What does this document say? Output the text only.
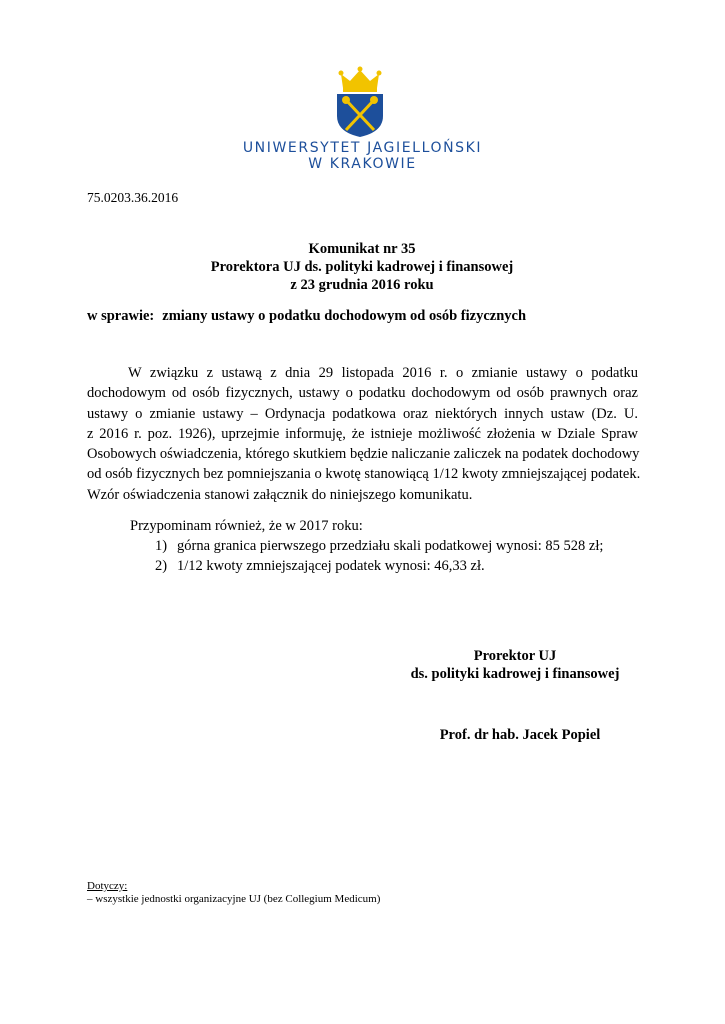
UNIWERSYTET JAGIELLOŃSKI
W KRAKOWIE
75.0203.36.2016
Komunikat nr 35
Prorektora UJ ds. polityki kadrowej i finansowej
z 23 grudnia 2016 roku
w sprawie: zmiany ustawy o podatku dochodowym od osób fizycznych
W związku z ustawą z dnia 29 listopada 2016 r. o zmianie ustawy o podatku
dochodowym od osób fizycznych, ustawy o podatku dochodowym od osób prawnych oraz
ustawy o zmianie ustawy – Ordynacja podatkowa oraz niektórych innych ustaw (Dz. U.
z 2016 r. poz. 1926), uprzejmie informuję, że istnieje możliwość złożenia w Dziale Spraw
Osobowych oświadczenia, którego skutkiem będzie naliczanie zaliczek na podatek dochodowy
od osób fizycznych bez pomniejszania o kwotę stanowiącą 1/12 kwoty zmniejszającej podatek.
Wzór oświadczenia stanowi załącznik do niniejszego komunikatu.
Przypominam również, że w 2017 roku:
1) górna granica pierwszego przedziału skali podatkowej wynosi: 85 528 zł;
2) 1/12 kwoty zmniejszającej podatek wynosi: 46,33 zł.
Prorektor UJ
ds. polityki kadrowej i finansowej
Prof. dr hab. Jacek Popiel
Dotyczy:
– wszystkie jednostki organizacyjne UJ (bez Collegium Medicum)
